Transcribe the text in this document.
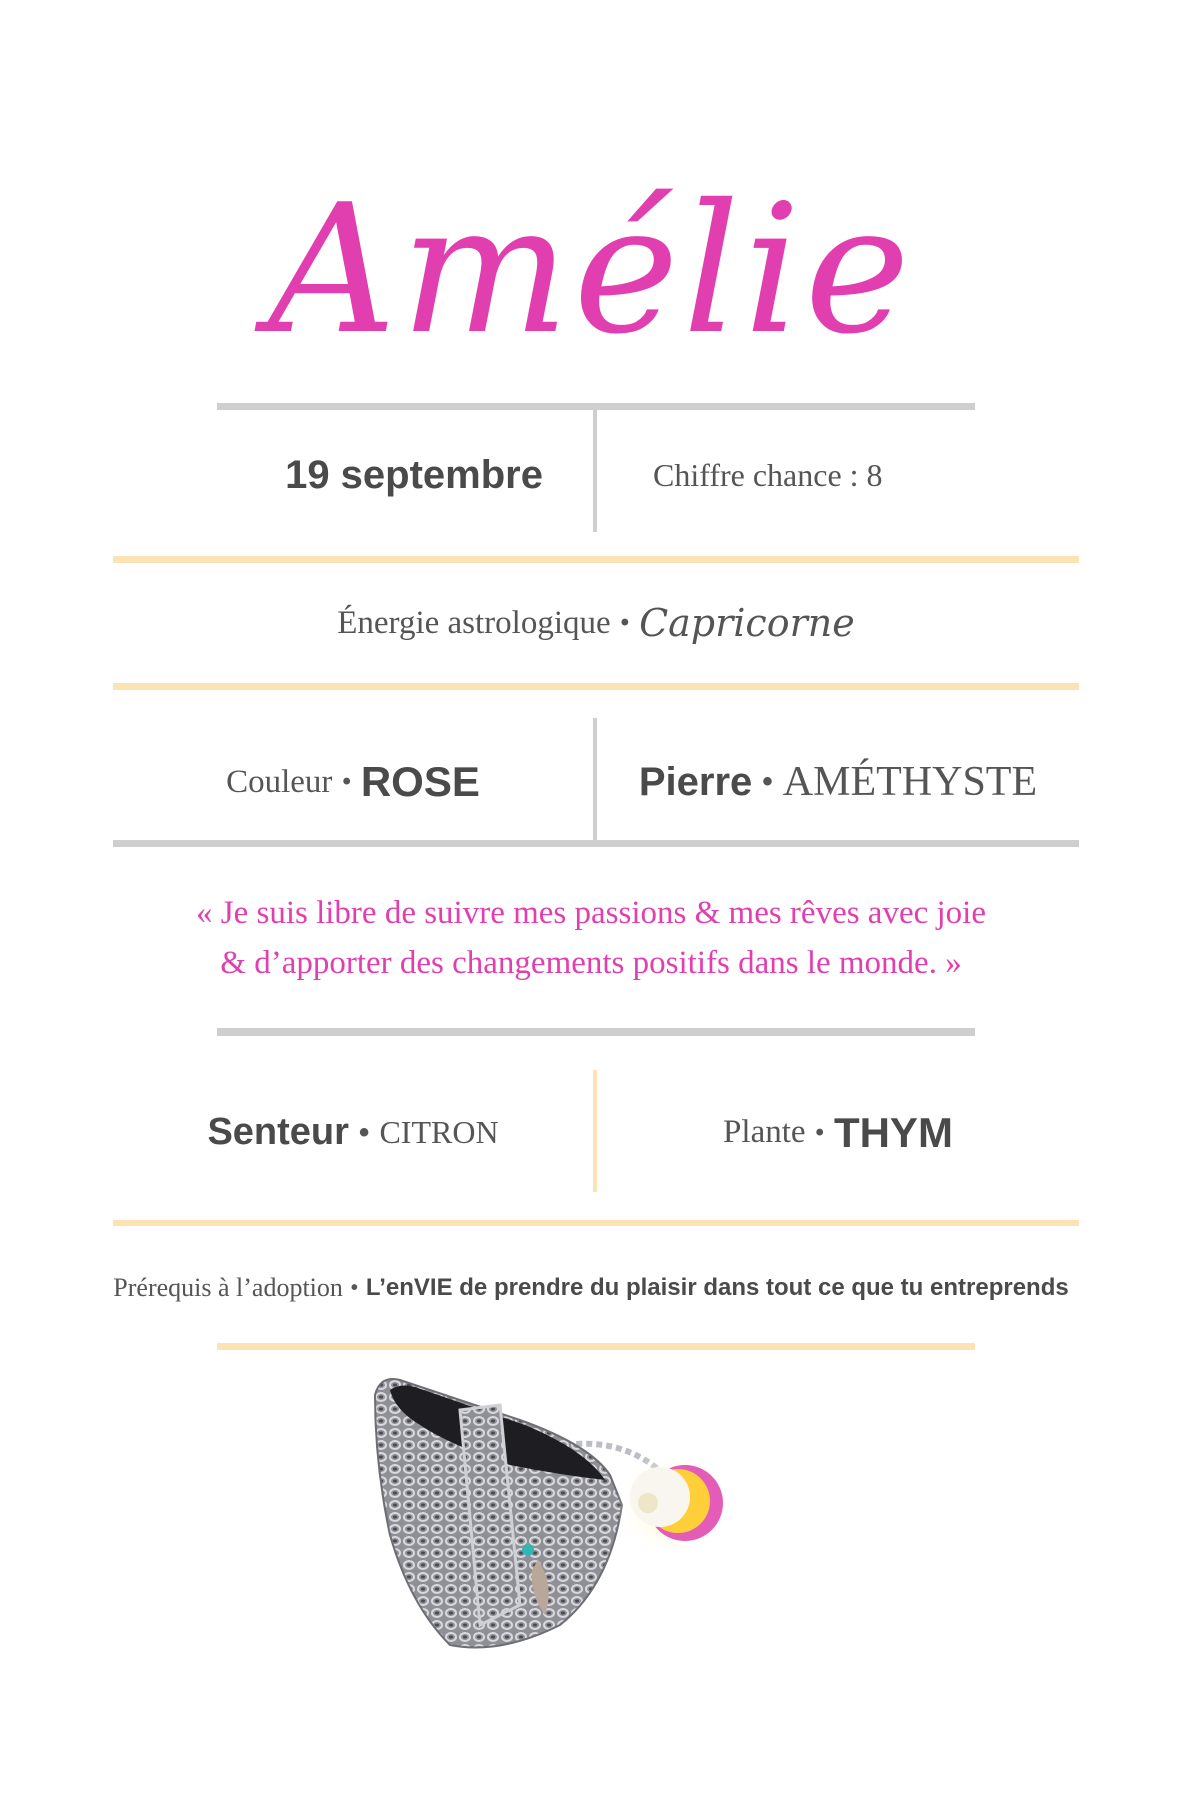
Amélie
19 septembre	Chiffre chance : 8
Énergie astrologique • Capricorne
Couleur • ROSE	Pierre • AMÉTHYSTE
« Je suis libre de suivre mes passions & mes rêves avec joie
& d’apporter des changements positifs dans le monde. »
Senteur • CITRON	Plante • THYM
Prérequis à l’adoption • L’enVIE de prendre du plaisir dans tout ce que tu entreprends
